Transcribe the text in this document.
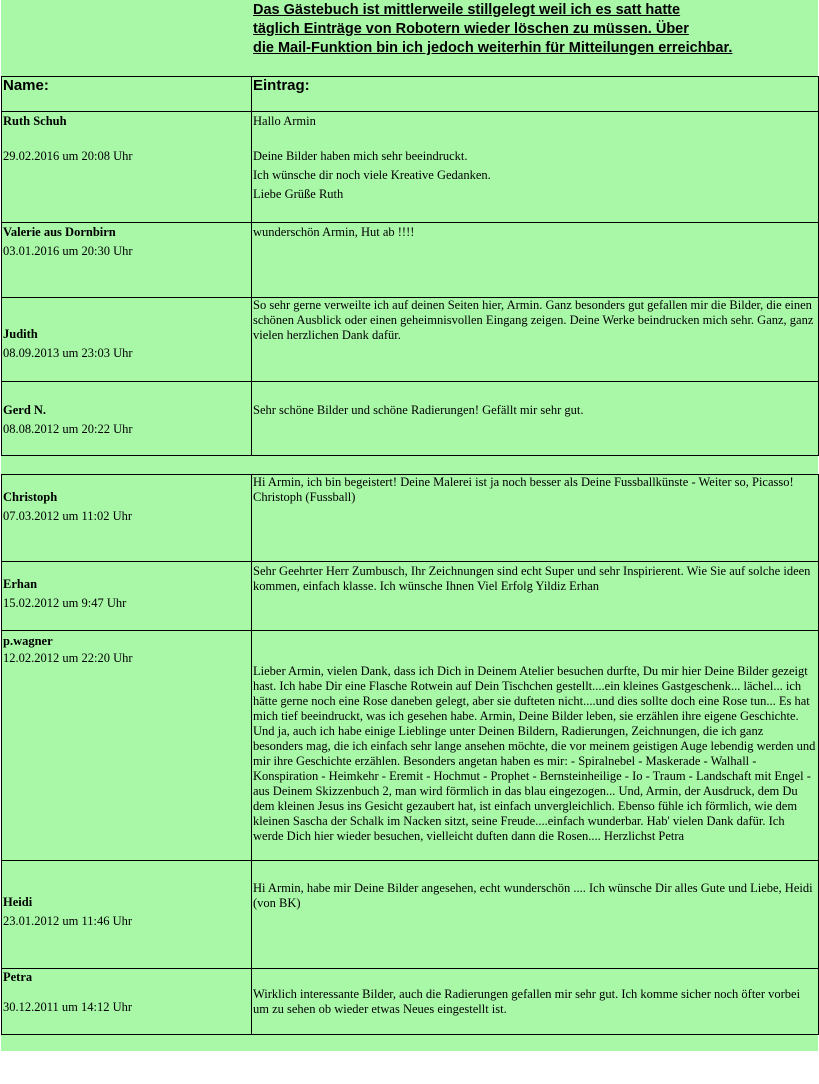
Das Gästebuch ist mittlerweile stillgelegt weil ich es satt hatte
täglich Einträge von Robotern wieder löschen zu müssen. Über
die Mail-Funktion bin ich jedoch weiterhin für Mitteilungen erreichbar.
Name:	Eintrag:

Ruth Schuh
29.02.2016 um 20:08 Uhr	Hallo Armin
Deine Bilder haben mich sehr beeindruckt.
Ich wünsche dir noch viele Kreative Gedanken.
Liebe Grüße Ruth

Valerie aus Dornbirn
03.01.2016 um 20:30 Uhr	wunderschön Armin, Hut ab !!!!

Judith
08.09.2013 um 23:03 Uhr	So sehr gerne verweilte ich auf deinen Seiten hier, Armin. Ganz besonders gut gefallen mir die Bilder, die einen schönen Ausblick oder einen geheimnisvollen Eingang zeigen. Deine Werke beindrucken mich sehr. Ganz, ganz vielen herzlichen Dank dafür.

Gerd N.
08.08.2012 um 20:22 Uhr	Sehr schöne Bilder und schöne Radierungen! Gefällt mir sehr gut.
Christoph
07.03.2012 um 11:02 Uhr	Hi Armin, ich bin begeistert! Deine Malerei ist ja noch besser als Deine Fussballkünste - Weiter so, Picasso! Christoph (Fussball)

Erhan
15.02.2012 um 9:47 Uhr	Sehr Geehrter Herr Zumbusch, Ihr Zeichnungen sind echt Super und sehr Inspirierent. Wie Sie auf solche ideen kommen, einfach klasse. Ich wünsche Ihnen Viel Erfolg Yildiz Erhan

p.wagner
12.02.2012 um 22:20 Uhr	Lieber Armin, vielen Dank, dass ich Dich in Deinem Atelier besuchen durfte, Du mir hier Deine Bilder gezeigt hast. Ich habe Dir eine Flasche Rotwein auf Dein Tischchen gestellt....ein kleines Gastgeschenk... lächel... ich hätte gerne noch eine Rose daneben gelegt, aber sie dufteten nicht....und dies sollte doch eine Rose tun... Es hat mich tief beeindruckt, was ich gesehen habe. Armin, Deine Bilder leben, sie erzählen ihre eigene Geschichte. Und ja, auch ich habe einige Lieblinge unter Deinen Bildern, Radierungen, Zeichnungen, die ich ganz besonders mag, die ich einfach sehr lange ansehen möchte, die vor meinem geistigen Auge lebendig werden und mir ihre Geschichte erzählen. Besonders angetan haben es mir: - Spiralnebel - Maskerade - Walhall - Konspiration - Heimkehr - Eremit - Hochmut - Prophet - Bernsteinheilige - Io - Traum - Landschaft mit Engel - aus Deinem Skizzenbuch 2, man wird förmlich in das blau eingezogen... Und, Armin, der Ausdruck, dem Du dem kleinen Jesus ins Gesicht gezaubert hat, ist einfach unvergleichlich. Ebenso fühle ich förmlich, wie dem kleinen Sascha der Schalk im Nacken sitzt, seine Freude....einfach wunderbar. Hab' vielen Dank dafür. Ich werde Dich hier wieder besuchen, vielleicht duften dann die Rosen.... Herzlichst Petra

Heidi
23.01.2012 um 11:46 Uhr	Hi Armin, habe mir Deine Bilder angesehen, echt wunderschön .... Ich wünsche Dir alles Gute und Liebe, Heidi (von BK)

Petra
30.12.2011 um 14:12 Uhr	Wirklich interessante Bilder, auch die Radierungen gefallen mir sehr gut. Ich komme sicher noch öfter vorbei um zu sehen ob wieder etwas Neues eingestellt ist.
